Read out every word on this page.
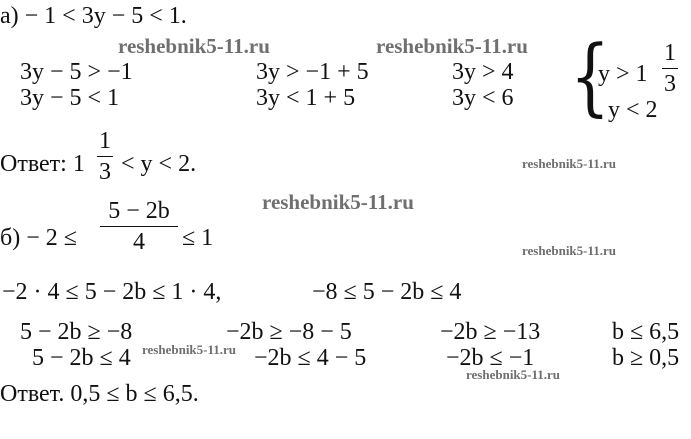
reshebnik5-11.ru	reshebnik5-11.ru
reshebnik5-11.ru
reshebnik5-11.ru
reshebnik5-11.ru
reshebnik5-11.ru
reshebnik5-11.ru
а) − 1 < 3y − 5 < 1.
3y − 5 > −1	3y > −1 + 5	3y > 4
3y − 5 < 1	3y < 1 + 5	3y < 6 {
y > 1
1
3
y < 2
Ответ: 1
1
3 < y < 2.
б) − 2 ≤
5 − 2b
4	≤ 1
−2 · 4 ≤ 5 − 2b ≤ 1 · 4,	−8 ≤ 5 − 2b ≤ 4
5 − 2b ≥ −8	−2b ≥ −8 − 5	−2b ≥ −13	b ≤ 6,5
5 − 2b ≤ 4	−2b ≤ 4 − 5	−2b ≤ −1	b ≥ 0,5
Ответ. 0,5 ≤ b ≤ 6,5.
